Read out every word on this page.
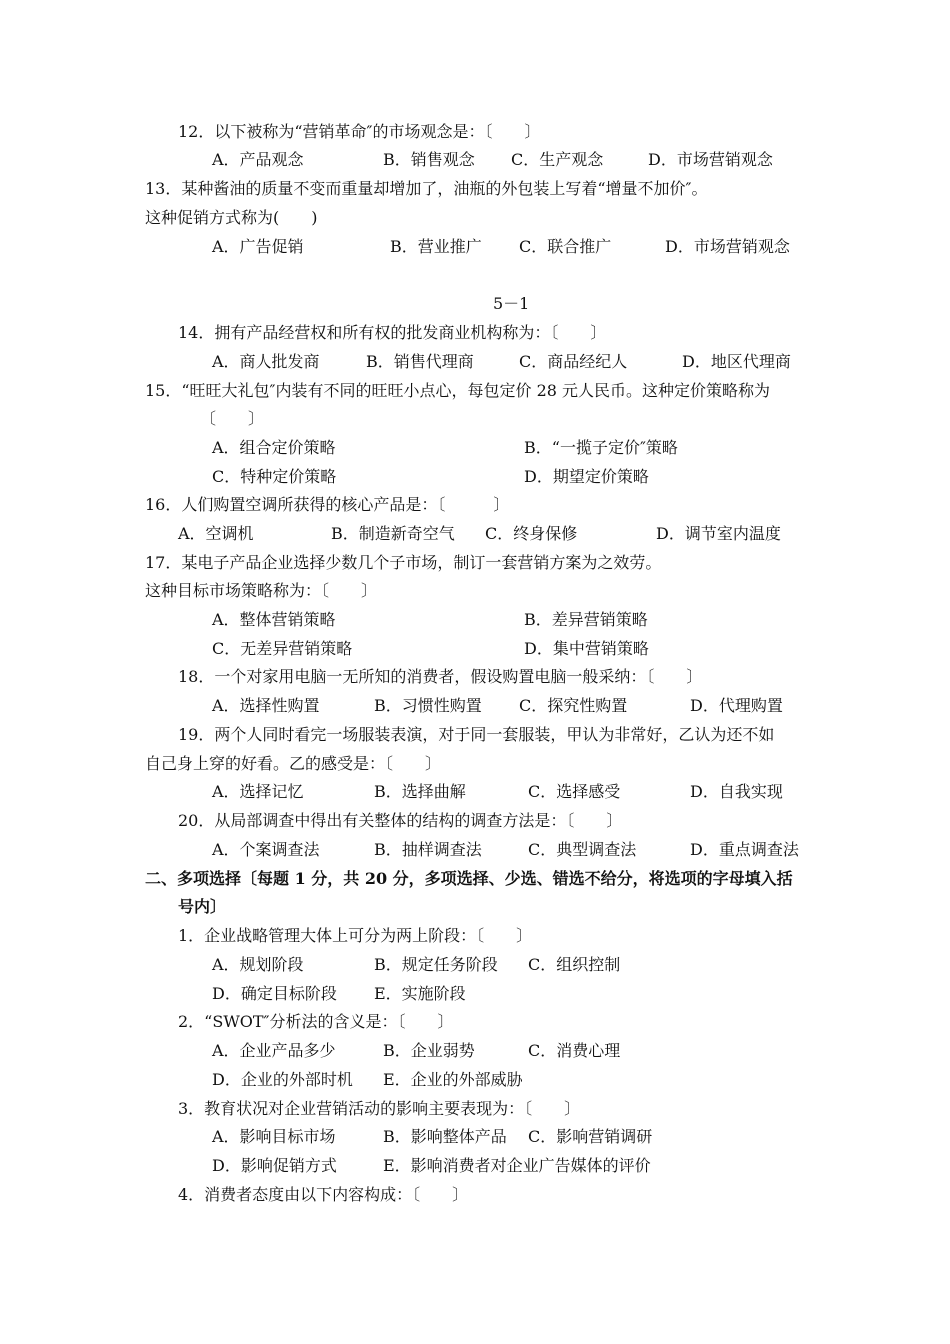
12．以下被称为“营销革命″的市场观念是：〔　　〕
A．产品观念	B．销售观念 C．生产观念	D．市场营销观念
13．某种酱油的质量不变而重量却增加了，油瓶的外包装上写着“增量不加价″。
这种促销方式称为(　　)
A．广告促销	B．营业推广 C．联合推广	D．市场营销观念
5－1
14．拥有产品经营权和所有权的批发商业机构称为：〔　　〕
A．商人批发商	B．销售代理商	C．商品经纪人	D．地区代理商
15．“旺旺大礼包″内装有不同的旺旺小点心，每包定价 28 元人民币。这种定价策略称为
〔　　〕
A．组合定价策略	B．“一揽子定价″策略
C．特种定价策略	D．期望定价策略
16．人们购置空调所获得的核心产品是：〔　　　〕
A．空调机	B．制造新奇空气 C．终身保修	D．调节室内温度
17．某电子产品企业选择少数几个子市场，制订一套营销方案为之效劳。
这种目标市场策略称为：〔　　〕
A．整体营销策略	B．差异营销策略
C．无差异营销策略	D．集中营销策略
18．一个对家用电脑一无所知的消费者，假设购置电脑一般采纳：〔　　〕
A．选择性购置	B．习惯性购置 C．探究性购置	D．代理购置
19．两个人同时看完一场服装表演，对于同一套服装，甲认为非常好，乙认为还不如
自己身上穿的好看。乙的感受是：〔　　〕
A．选择记忆	B．选择曲解	C．选择感受	D．自我实现
20．从局部调查中得出有关整体的结构的调查方法是：〔　　〕
A．个案调查法	B．抽样调查法	C．典型调查法	D．重点调查法
二、多项选择〔每题 1 分，共 20 分，多项选择、少选、错选不给分，将选项的字母填入括
号内〕
1．企业战略管理大体上可分为两上阶段：〔　　〕
A．规划阶段	B．规定任务阶段 C．组织控制
D．确定目标阶段 E．实施阶段
2．“SWOT″分析法的含义是：〔　　〕
A．企业产品多少	B．企业弱势	C．消费心理
D．企业的外部时机 E．企业的外部威胁
3．教育状况对企业营销活动的影响主要表现为：〔　　〕
A．影响目标市场	B．影响整体产品 C．影响营销调研
D．影响促销方式	E．影响消费者对企业广告媒体的评价
4．消费者态度由以下内容构成：〔　　〕
